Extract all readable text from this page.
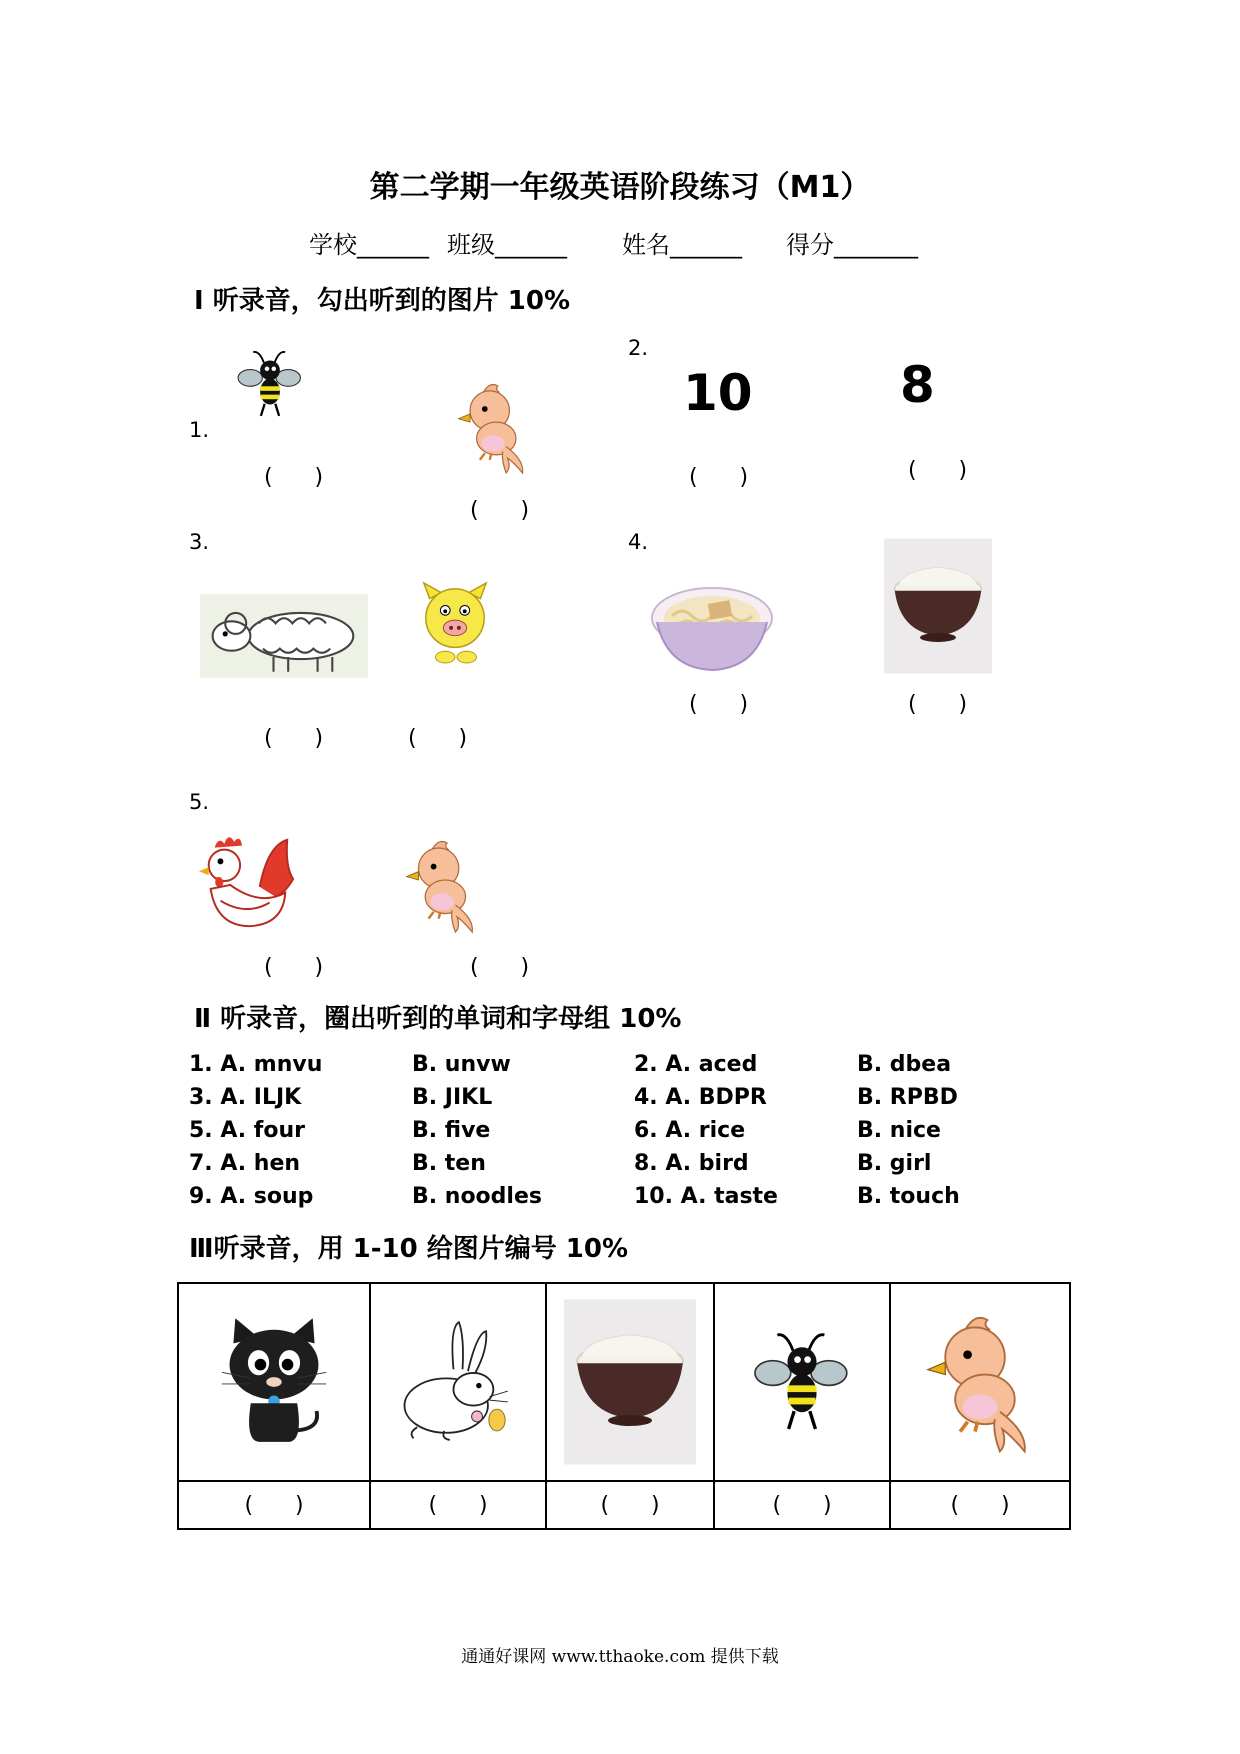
第二学期一年级英语阶段练习（M1）
学校______ 班级______ 姓名______ 得分_______
Ⅰ 听录音，勾出听到的图片 10%
1.
(      )
(      )
2.
10	8
(      )	(      )
3.
(      )	(      )
4.
(      )	(      )
5.
(      )	(      )
Ⅱ 听录音，圈出听到的单词和字母组 10%
1. A. mnvu	B. unvw	2. A. aced	B. dbea
3. A. ILJK	B. JIKL	4. A. BDPR	B. RPBD
5. A. four	B. five	6. A. rice	B. nice
7. A. hen	B. ten	8. A. bird	B. girl
9. A. soup	B. noodles	10. A. taste	B. touch
Ⅲ听录音，用 1-10 给图片编号 10%

(      )	(      )	(      )	(      )	(      )
通通好课网 www.tthaoke.com 提供下载
